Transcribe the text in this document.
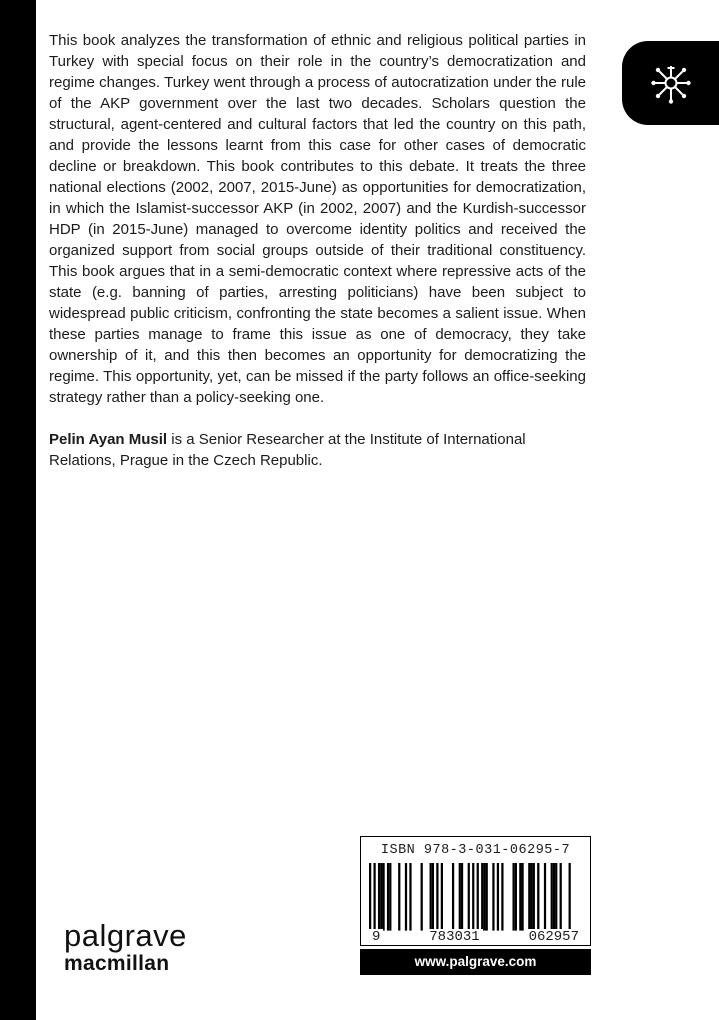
This book analyzes the transformation of ethnic and religious political parties in Turkey with special focus on their role in the country’s democratization and regime changes. Turkey went through a process of autocratization under the rule of the AKP government over the last two decades. Scholars question the structural, agent-centered and cultural factors that led the country on this path, and provide the lessons learnt from this case for other cases of democratic decline or breakdown. This book contributes to this debate. It treats the three national elections (2002, 2007, 2015-June) as opportunities for democratization, in which the Islamist-successor AKP (in 2002, 2007) and the Kurdish-successor HDP (in 2015-June) managed to overcome identity politics and received the organized support from social groups outside of their traditional constituency. This book argues that in a semi-democratic context where repressive acts of the state (e.g. banning of parties, arresting politicians) have been subject to widespread public criticism, confronting the state becomes a salient issue. When these parties manage to frame this issue as one of democracy, they take ownership of it, and this then becomes an opportunity for democratizing the regime. This opportunity, yet, can be missed if the party follows an office-seeking strategy rather than a policy-seeking one.

Pelin Ayan Musil is a Senior Researcher at the Institute of International Relations, Prague in the Czech Republic.

ISBN 978-3-031-06295-7
9	783031	062957
www.palgrave.com
palgrave
macmillan
